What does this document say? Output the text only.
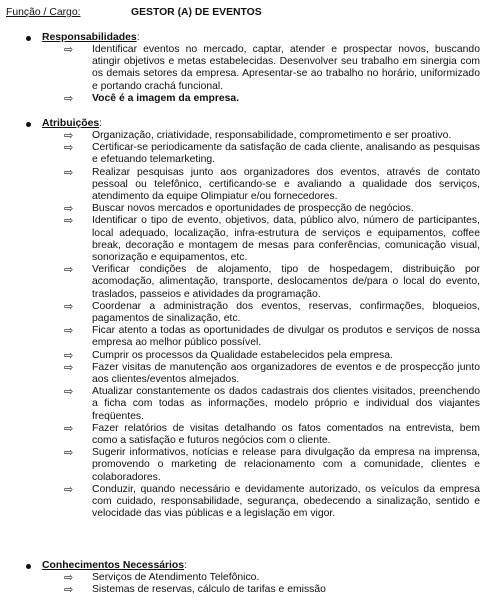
Função / Cargo:	GESTOR (A) DE EVENTOS
Responsabilidades:
⇨	Identificar eventos no mercado, captar, atender e prospectar novos, buscando atingir objetivos e metas estabelecidas. Desenvolver seu trabalho em sinergia com os demais setores da empresa. Apresentar-se ao trabalho no horário, uniformizado e portando crachá funcional.
⇨	Você é a imagem da empresa.
Atribuições:
⇨	Organização, criatividade, responsabilidade, comprometimento e ser proativo.
⇨	Certificar-se periodicamente da satisfação de cada cliente, analisando as pesquisas e efetuando telemarketing.
⇨	Realizar pesquisas junto aos organizadores dos eventos, através de contato pessoal ou telefônico, certificando-se e avaliando a qualidade dos serviços, atendimento da equipe Olimpiatur e/ou fornecedores.
⇨	Buscar novos mercados e oportunidades de prospecção de negócios.
⇨	Identificar o tipo de evento, objetivos, data, público alvo, número de participantes, local adequado, localização, infra-estrutura de serviços e equipamentos, coffee break, decoração e montagem de mesas para conferências, comunicação visual, sonorização e equipamentos, etc.
⇨	Verificar condições de alojamento, tipo de hospedagem, distribuição por acomodação, alimentação, transporte, deslocamentos de/para o local do evento, traslados, passeios e atividades da programação.
⇨	Coordenar a administração dos eventos, reservas, confirmações, bloqueios, pagamentos de sinalização, etc.
⇨	Ficar atento a todas as oportunidades de divulgar os produtos e serviços de nossa empresa ao melhor público possível.
⇨	Cumprir os processos da Qualidade estabelecidos pela empresa.
⇨	Fazer visitas de manutenção aos organizadores de eventos e de prospecção junto aos clientes/eventos almejados.
⇨	Atualizar constantemente os dados cadastrais dos clientes visitados, preenchendo a ficha com todas as informações, modelo próprio e individual dos viajantes freqüentes.
⇨	Fazer relatórios de visitas detalhando os fatos comentados na entrevista, bem como a satisfação e futuros negócios com o cliente.
⇨	Sugerir informativos, notícias e release para divulgação da empresa na imprensa, promovendo o marketing de relacionamento com a comunidade, clientes e colaboradores.
⇨	Conduzir, quando necessário e devidamente autorizado, os veículos da empresa com cuidado, responsabilidade, segurança, obedecendo a sinalização, sentido e velocidade das vias públicas e a legislação em vigor.
Conhecimentos Necessários:
⇨	Serviços de Atendimento Telefônico.
⇨	Sistemas de reservas, cálculo de tarifas e emissão
